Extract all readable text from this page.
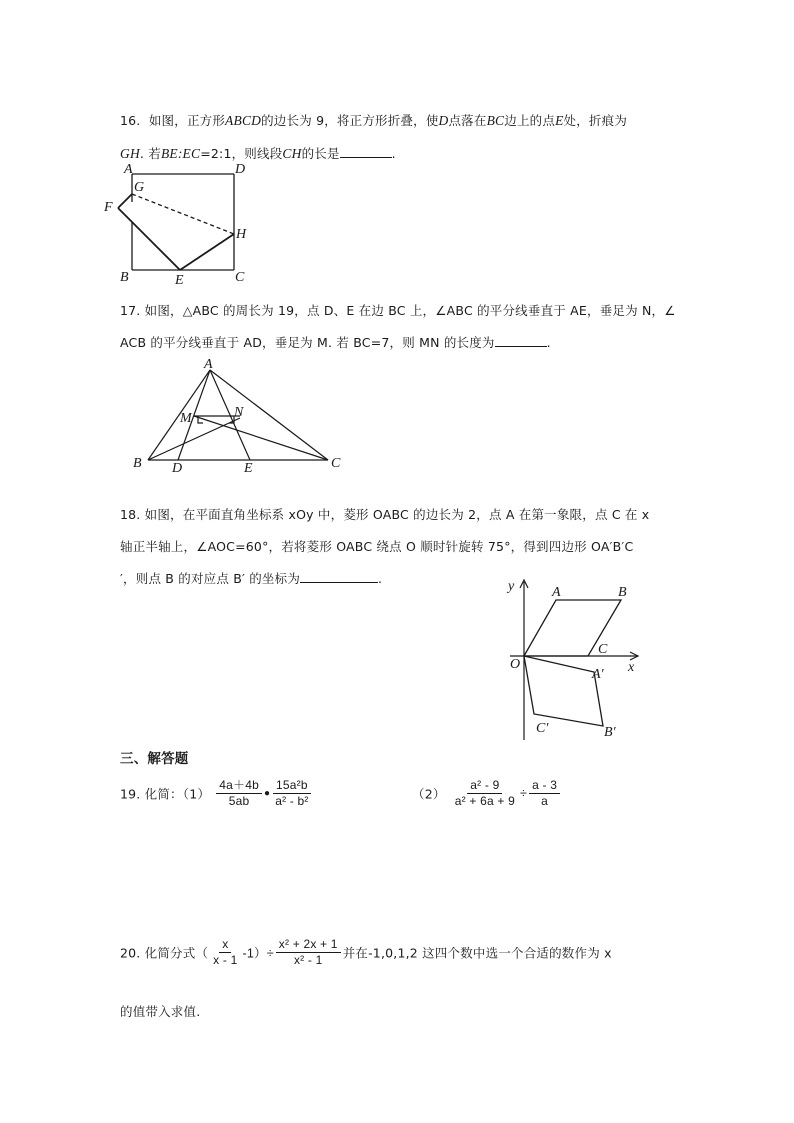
16. 如图，正方形ABCD的边长为 9，将正方形折叠，使D点落在BC边上的点E处，折痕为
GH. 若BE:EC=2:1，则线段CH的长是	.
A	D
G
F
H
B	E	C
17. 如图，△ABC 的周长为 19，点 D、E 在边 BC 上，∠ABC 的平分线垂直于 AE，垂足为 N，∠
ACB 的平分线垂直于 AD，垂足为 M. 若 BC=7，则 MN 的长度为	.
A
M	N
B D	E	C
18. 如图，在平面直角坐标系 xOy 中，菱形 OABC 的边长为 2，点 A 在第一象限，点 C 在 x
轴正半轴上，∠AOC=60°，若将菱形 OABC 绕点 O 顺时针旋转 75°，得到四边形 OA′B′C
′，则点 B 的对应点 B′ 的坐标为	.
y
x
O
A	B
C
A′
B′
C′
三、解答题
19. 化简：$(1) \frac{4a+4b}{5ab}$ ● $\frac{\text{15a²b}}{\text{a² - b²}}$	$(2) \frac{\text{a² - 9}}{\text{a² + 6a + 9}} \div \frac{a - 3}{a}$
20. 化简分式（ $\frac{x}{x - 1} -1)\div \frac{\text{x² + 2x + 1}}{\text{x² - 1}}$ 并在-1,0,1,2 这四个数中选一个合适的数作为 x
的值带入求值.
